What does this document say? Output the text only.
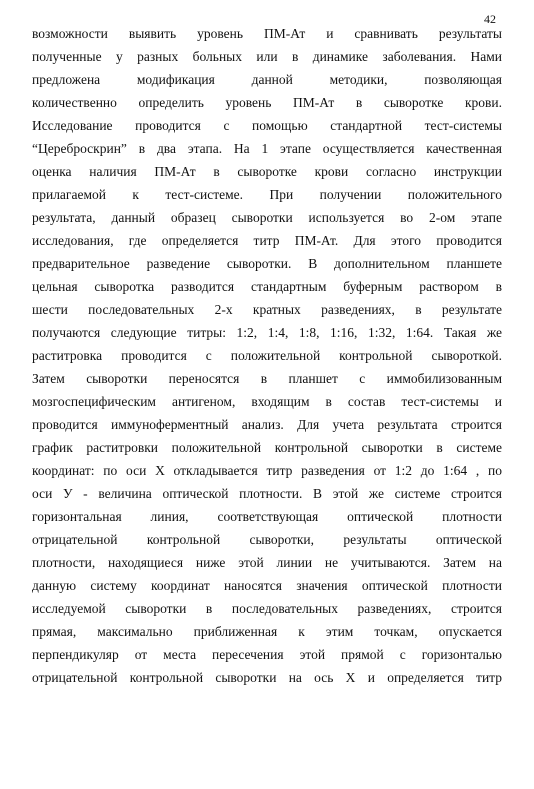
42
возможности выявить уровень ПМ-Ат и сравнивать результаты
полученные у разных больных или в динамике заболевания. Нами
предложена модификация данной методики, позволяющая
количественно определить уровень ПМ-Ат в сыворотке крови.
Исследование проводится с помощью стандартной тест-системы
“Цереброскрин” в два этапа. На 1 этапе осуществляется качественная
оценка наличия ПМ-Ат в сыворотке крови согласно инструкции
прилагаемой к тест-системе. При получении положительного
результата, данный образец сыворотки используется во 2-ом этапе
исследования, где определяется титр ПМ-Ат. Для этого проводится
предварительное разведение сыворотки. В дополнительном планшете
цельная сыворотка разводится стандартным буферным раствором в
шести последовательных 2-х кратных разведениях, в результате
получаются следующие титры: 1:2, 1:4, 1:8, 1:16, 1:32, 1:64. Такая же
раститровка проводится с положительной контрольной сывороткой.
Затем сыворотки переносятся в планшет с иммобилизованным
мозгоспецифическим антигеном, входящим в состав тест-системы и
проводится иммуноферментный анализ. Для учета результата строится
график раститровки положительной контрольной сыворотки в системе
координат: по оси X откладывается титр разведения от 1:2 до 1:64 , по
оси У - величина оптической плотности. В этой же системе строится
горизонтальная линия, соответствующая оптической плотности
отрицательной контрольной сыворотки, результаты оптической
плотности, находящиеся ниже этой линии не учитываются. Затем на
данную систему координат наносятся значения оптической плотности
исследуемой сыворотки в последовательных разведениях, строится
прямая, максимально приближенная к этим точкам, опускается
перпендикуляр от места пересечения этой прямой с горизонталью
отрицательной контрольной сыворотки на ось X и определяется титр
